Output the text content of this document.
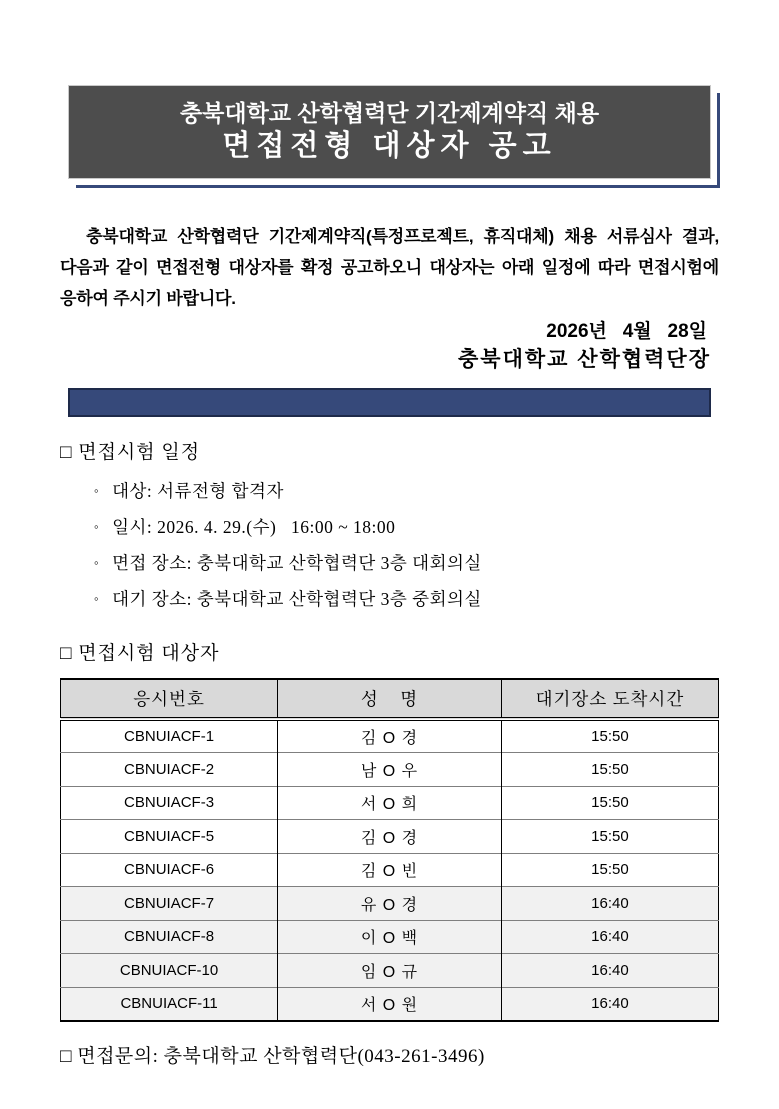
충북대학교 산학협력단 기간제계약직 채용
면접전형 대상자 공고

충북대학교 산학협력단 기간제계약직(특정프로젝트, 휴직대체) 채용 서류심사 결과, 다음과 같이 면접전형 대상자를 확정 공고하오니 대상자는 아래 일정에 따라 면접시험에 응하여 주시기 바랍니다.

2026년   4월   28일
충북대학교 산학협력단장
□ 면접시험 일정
◦ 대상: 서류전형 합격자
◦ 일시: 2026. 4. 29.(수)   16:00 ~ 18:00
◦ 면접 장소: 충북대학교 산학협력단 3층 대회의실
◦ 대기 장소: 충북대학교 산학협력단 3층 중회의실
□ 면접시험 대상자
응시번호	성    명	대기장소 도착시간
CBNUIACF-1	김 O 경	15:50
CBNUIACF-2	남 O 우	15:50
CBNUIACF-3	서 O 희	15:50
CBNUIACF-5	김 O 경	15:50
CBNUIACF-6	김 O 빈	15:50
CBNUIACF-7	유 O 경	16:40
CBNUIACF-8	이 O 백	16:40
CBNUIACF-10	임 O 규	16:40
CBNUIACF-11	서 O 원	16:40
□ 면접문의: 충북대학교 산학협력단(043-261-3496)
